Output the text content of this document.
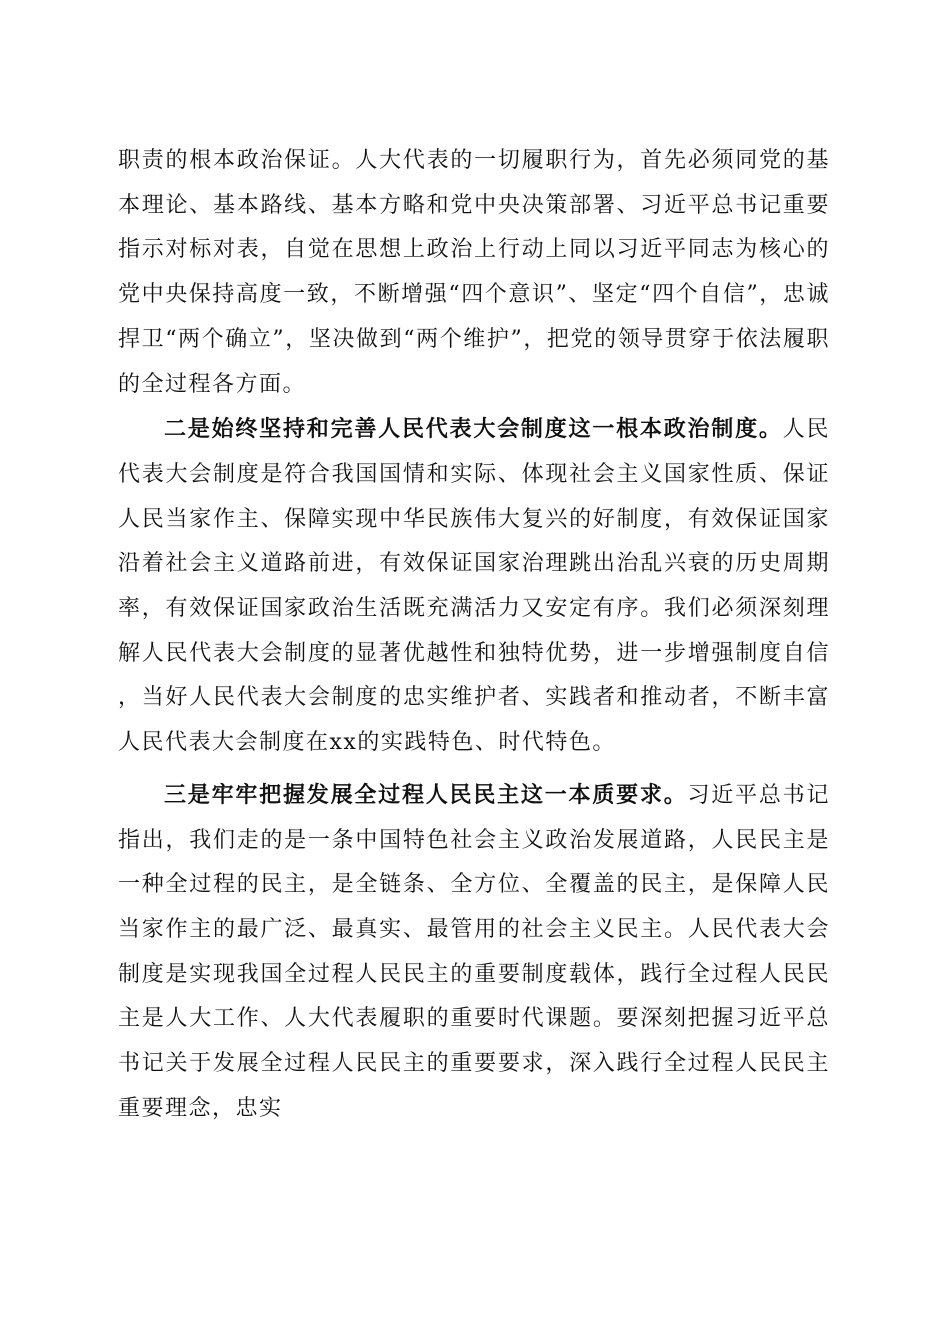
职责的根本政治保证。人大代表的一切履职行为，首先必须同党的基本理论、基本路线、基本方略和党中央决策部署、习近平总书记重要指示对标对表，自觉在思想上政治上行动上同以习近平同志为核心的党中央保持高度一致，不断增强“四个意识”、坚定“四个自信”，忠诚捍卫“两个确立”，坚决做到“两个维护”，把党的领导贯穿于依法履职的全过程各方面。

二是始终坚持和完善人民代表大会制度这一根本政治制度。人民代表大会制度是符合我国国情和实际、体现社会主义国家性质、保证人民当家作主、保障实现中华民族伟大复兴的好制度，有效保证国家沿着社会主义道路前进，有效保证国家治理跳出治乱兴衰的历史周期率，有效保证国家政治生活既充满活力又安定有序。我们必须深刻理解人民代表大会制度的显著优越性和独特优势，进一步增强制度自信，当好人民代表大会制度的忠实维护者、实践者和推动者，不断丰富人民代表大会制度在xx的实践特色、时代特色。

三是牢牢把握发展全过程人民民主这一本质要求。习近平总书记指出，我们走的是一条中国特色社会主义政治发展道路，人民民主是一种全过程的民主，是全链条、全方位、全覆盖的民主，是保障人民当家作主的最广泛、最真实、最管用的社会主义民主。人民代表大会制度是实现我国全过程人民民主的重要制度载体，践行全过程人民民主是人大工作、人大代表履职的重要时代课题。要深刻把握习近平总书记关于发展全过程人民民主的重要要求，深入践行全过程人民民主重要理念，忠实
